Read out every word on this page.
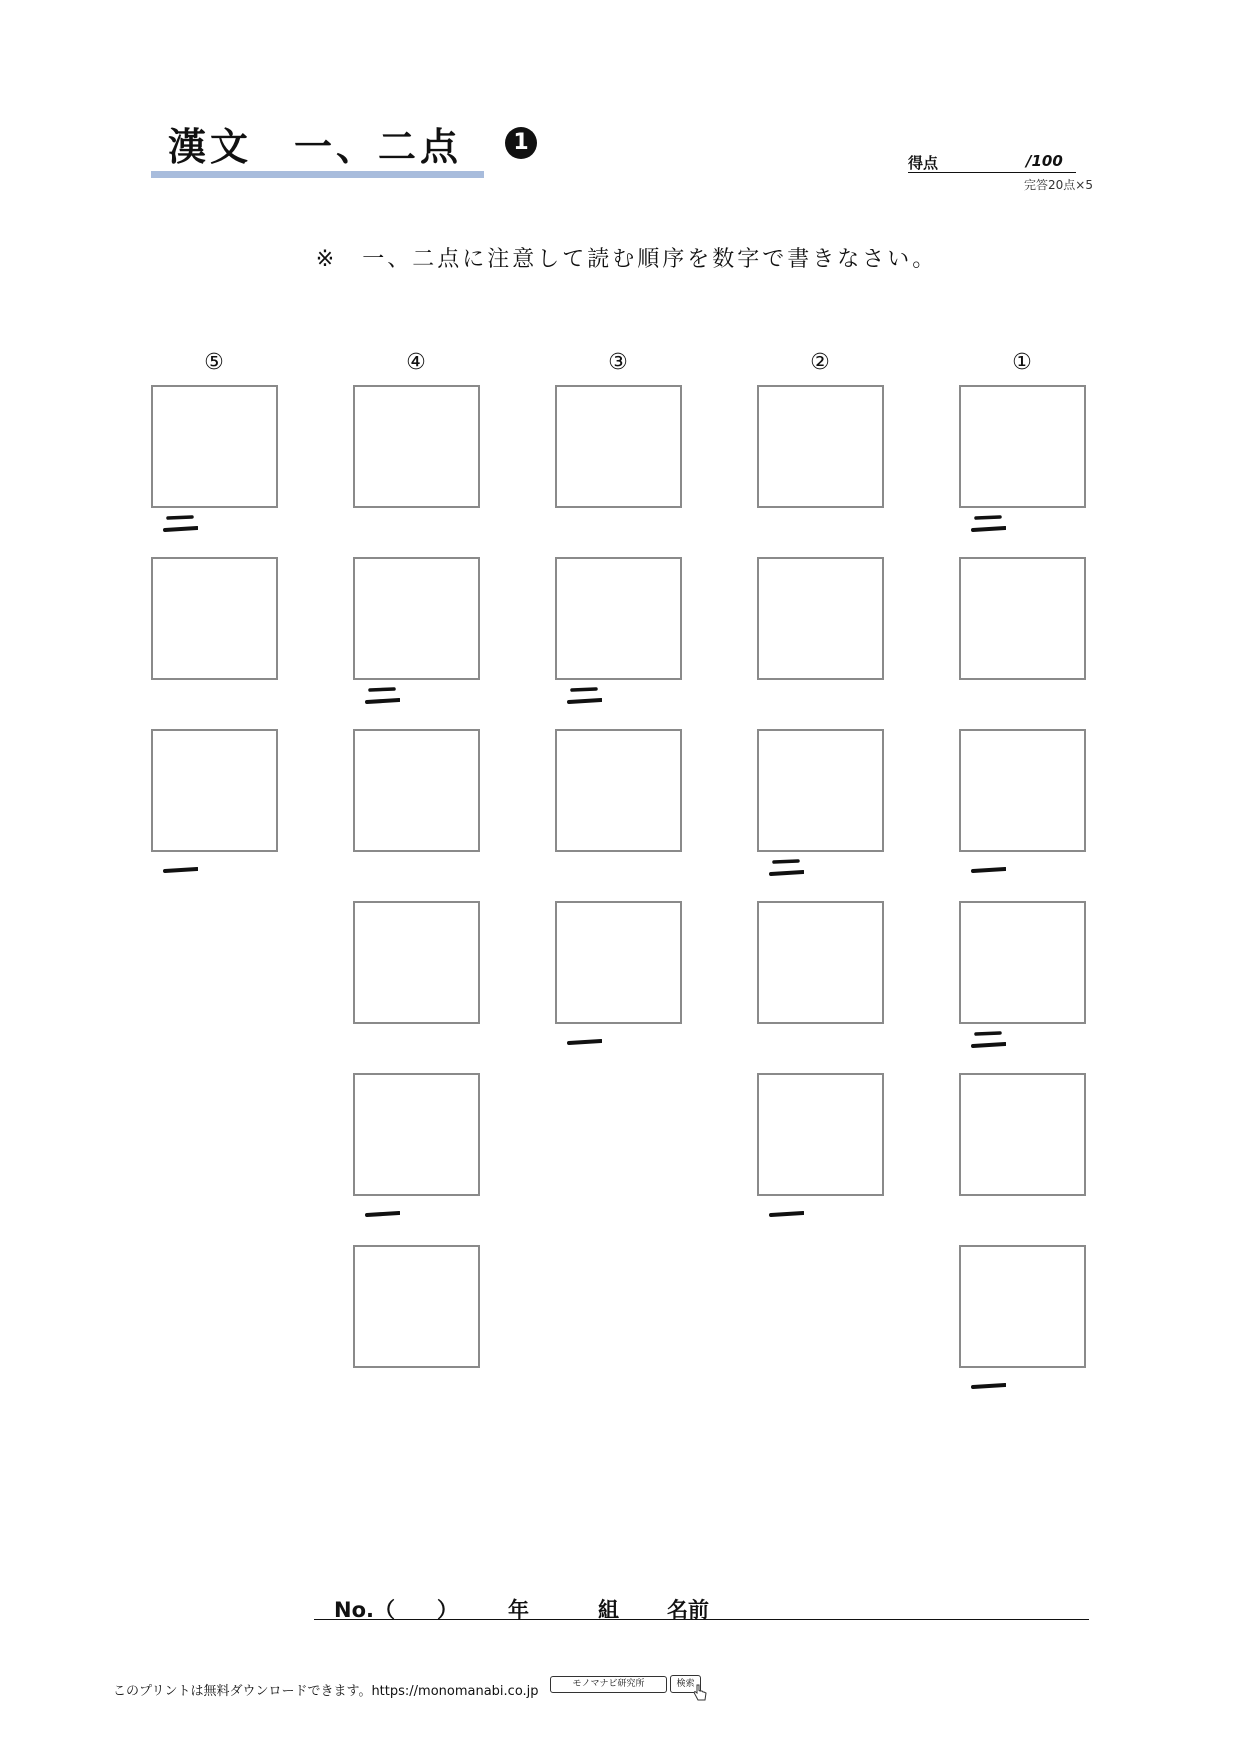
漢文　一、二点	1
得点	/100
完答20点×5
※　一、二点に注意して読む順序を数字で書きなさい。
⑤	④	③	②	①
No.（　　） 年	組 名前
このプリントは無料ダウンロードできます。https://monomanabi.co.jp	モノマナビ研究所	検索
